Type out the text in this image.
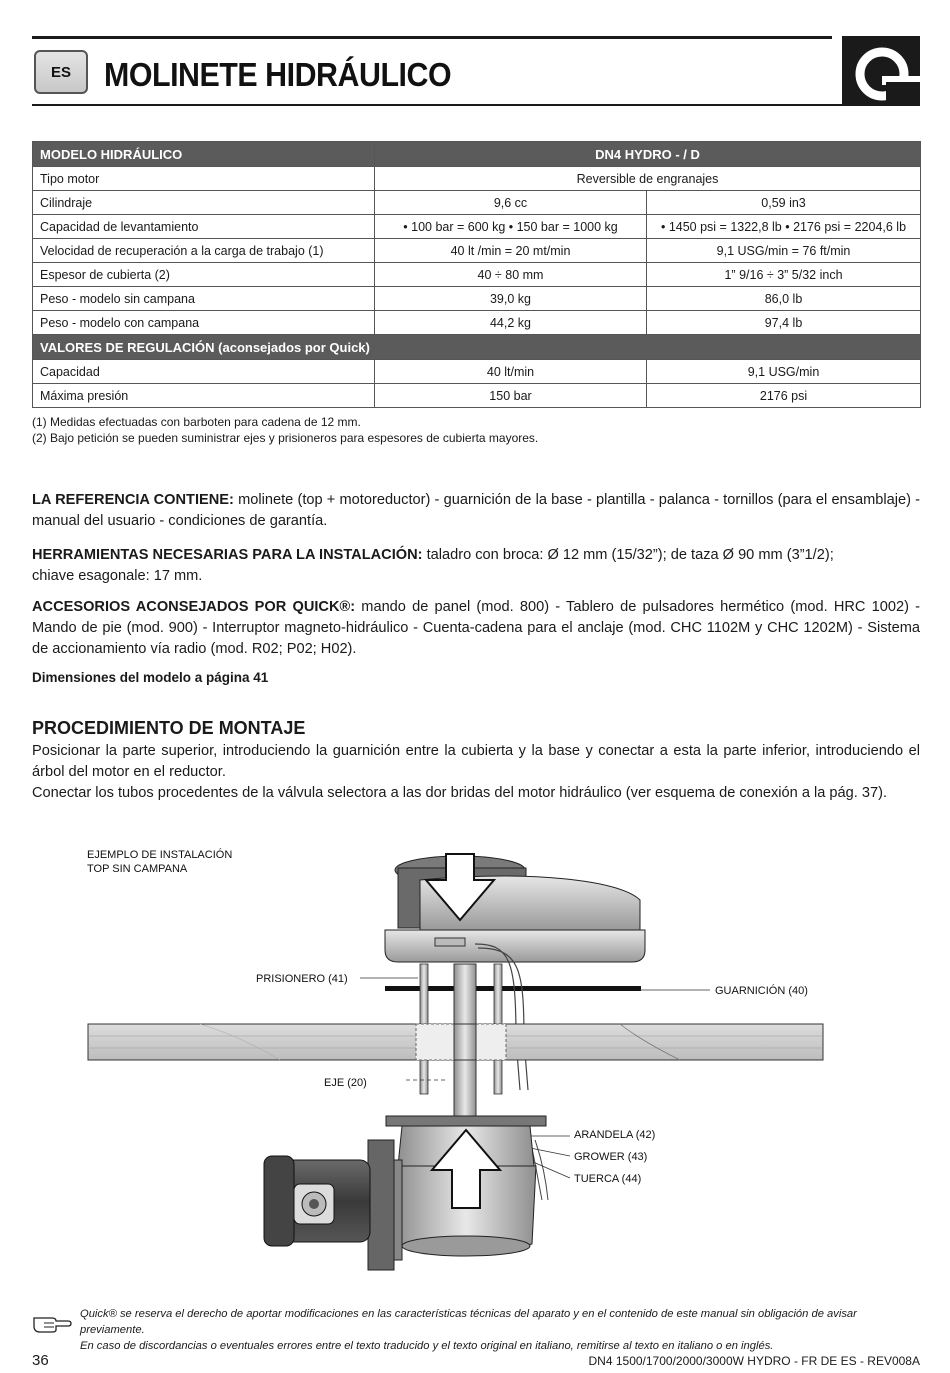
ES	MOLINETE HIDRÁULICO
MODELO HIDRÁULICO	DN4 HYDRO - / D	
Tipo motor	Reversible de engranajes	
Cilindraje	9,6 cc	0,59 in3
Capacidad de levantamiento	• 100 bar = 600 kg • 150 bar = 1000 kg	• 1450 psi = 1322,8 lb • 2176 psi = 2204,6 lb
Velocidad de recuperación a la carga de trabajo (1)	40 lt /min = 20 mt/min	9,1 USG/min = 76 ft/min
Espesor de cubierta (2)	40 ÷ 80 mm	1” 9/16 ÷ 3” 5/32 inch
Peso - modelo sin campana	39,0 kg	86,0 lb
Peso - modelo con campana	44,2 kg	97,4 lb
VALORES DE REGULACIÓN (aconsejados por Quick)		
Capacidad	40 lt/min	9,1 USG/min
Máxima presión	150 bar	2176 psi
(1) Medidas efectuadas con barboten para cadena de 12 mm.
(2) Bajo petición se pueden suministrar ejes y prisioneros para espesores de cubierta mayores.
LA REFERENCIA CONTIENE: molinete (top + motoreductor) - guarnición de la base - plantilla - palanca - tornillos (para el ensamblaje) - manual del usuario - condiciones de garantía.
HERRAMIENTAS NECESARIAS PARA LA INSTALACIÓN: taladro con broca: Ø 12 mm (15/32”); de taza Ø 90 mm (3”1/2);
chiave esagonale: 17 mm.
ACCESORIOS ACONSEJADOS POR QUICK®: mando de panel (mod. 800) - Tablero de pulsadores hermético (mod. HRC 1002) - Mando de pie (mod. 900) - Interruptor magneto-hidráulico - Cuenta-cadena para el anclaje (mod. CHC 1102M y CHC 1202M) - Sistema de accionamiento vía radio (mod. R02; P02; H02).
Dimensiones del modelo a página 41
PROCEDIMIENTO DE MONTAJE
Posicionar la parte superior, introduciendo la guarnición entre la cubierta y la base y conectar a esta la parte inferior, introduciendo el árbol del motor en el reductor.
Conectar los tubos procedentes de la válvula selectora a las dor bridas del motor hidráulico (ver esquema de conexión a la pág. 37).
EJEMPLO DE INSTALACIÓN
TOP SIN CAMPANA
PRISIONERO (41)
GUARNICIÓN (40)
EJE (20)
ARANDELA (42)
GROWER (43)
TUERCA (44)
Quick® se reserva el derecho de aportar modificaciones en las características técnicas del aparato y en el contenido de este manual sin obligación de avisar previamente.
En caso de discordancias o eventuales errores entre el texto traducido y el texto original en italiano, remitirse al texto en italiano o en inglés.
36	DN4 1500/1700/2000/3000W HYDRO - FR DE ES - REV008A
